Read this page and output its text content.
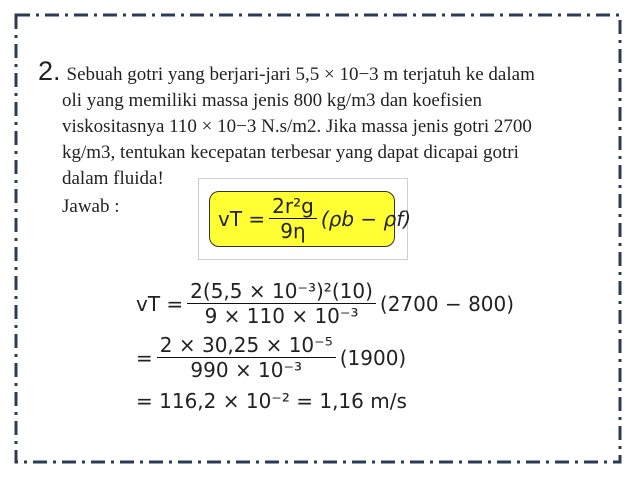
2. Sebuah gotri yang berjari-jari 5,5 × 10−3 m terjatuh ke dalam
oli yang memiliki massa jenis 800 kg/m3 dan koefisien
viskositasnya 110 × 10−3 N.s/m2. Jika massa jenis gotri 2700
kg/m3, tentukan kecepatan terbesar yang dapat dicapai gotri
dalam fluida!
Jawab :	vT = $\frac{\text{2r²g}}{9\eta} (\rho b - \rho f)$
vT = $\frac{\text{2(5,5 × 10⁻³)²(10)}}{\text{9 × 110 × 10⁻³}} (2700 - 800)$
= $\frac{\text{2 × 30,25 × 10⁻⁵}}{\text{990 × 10⁻³}} (1900)$
= 116,2 × 10⁻² = 1,16 m/s
